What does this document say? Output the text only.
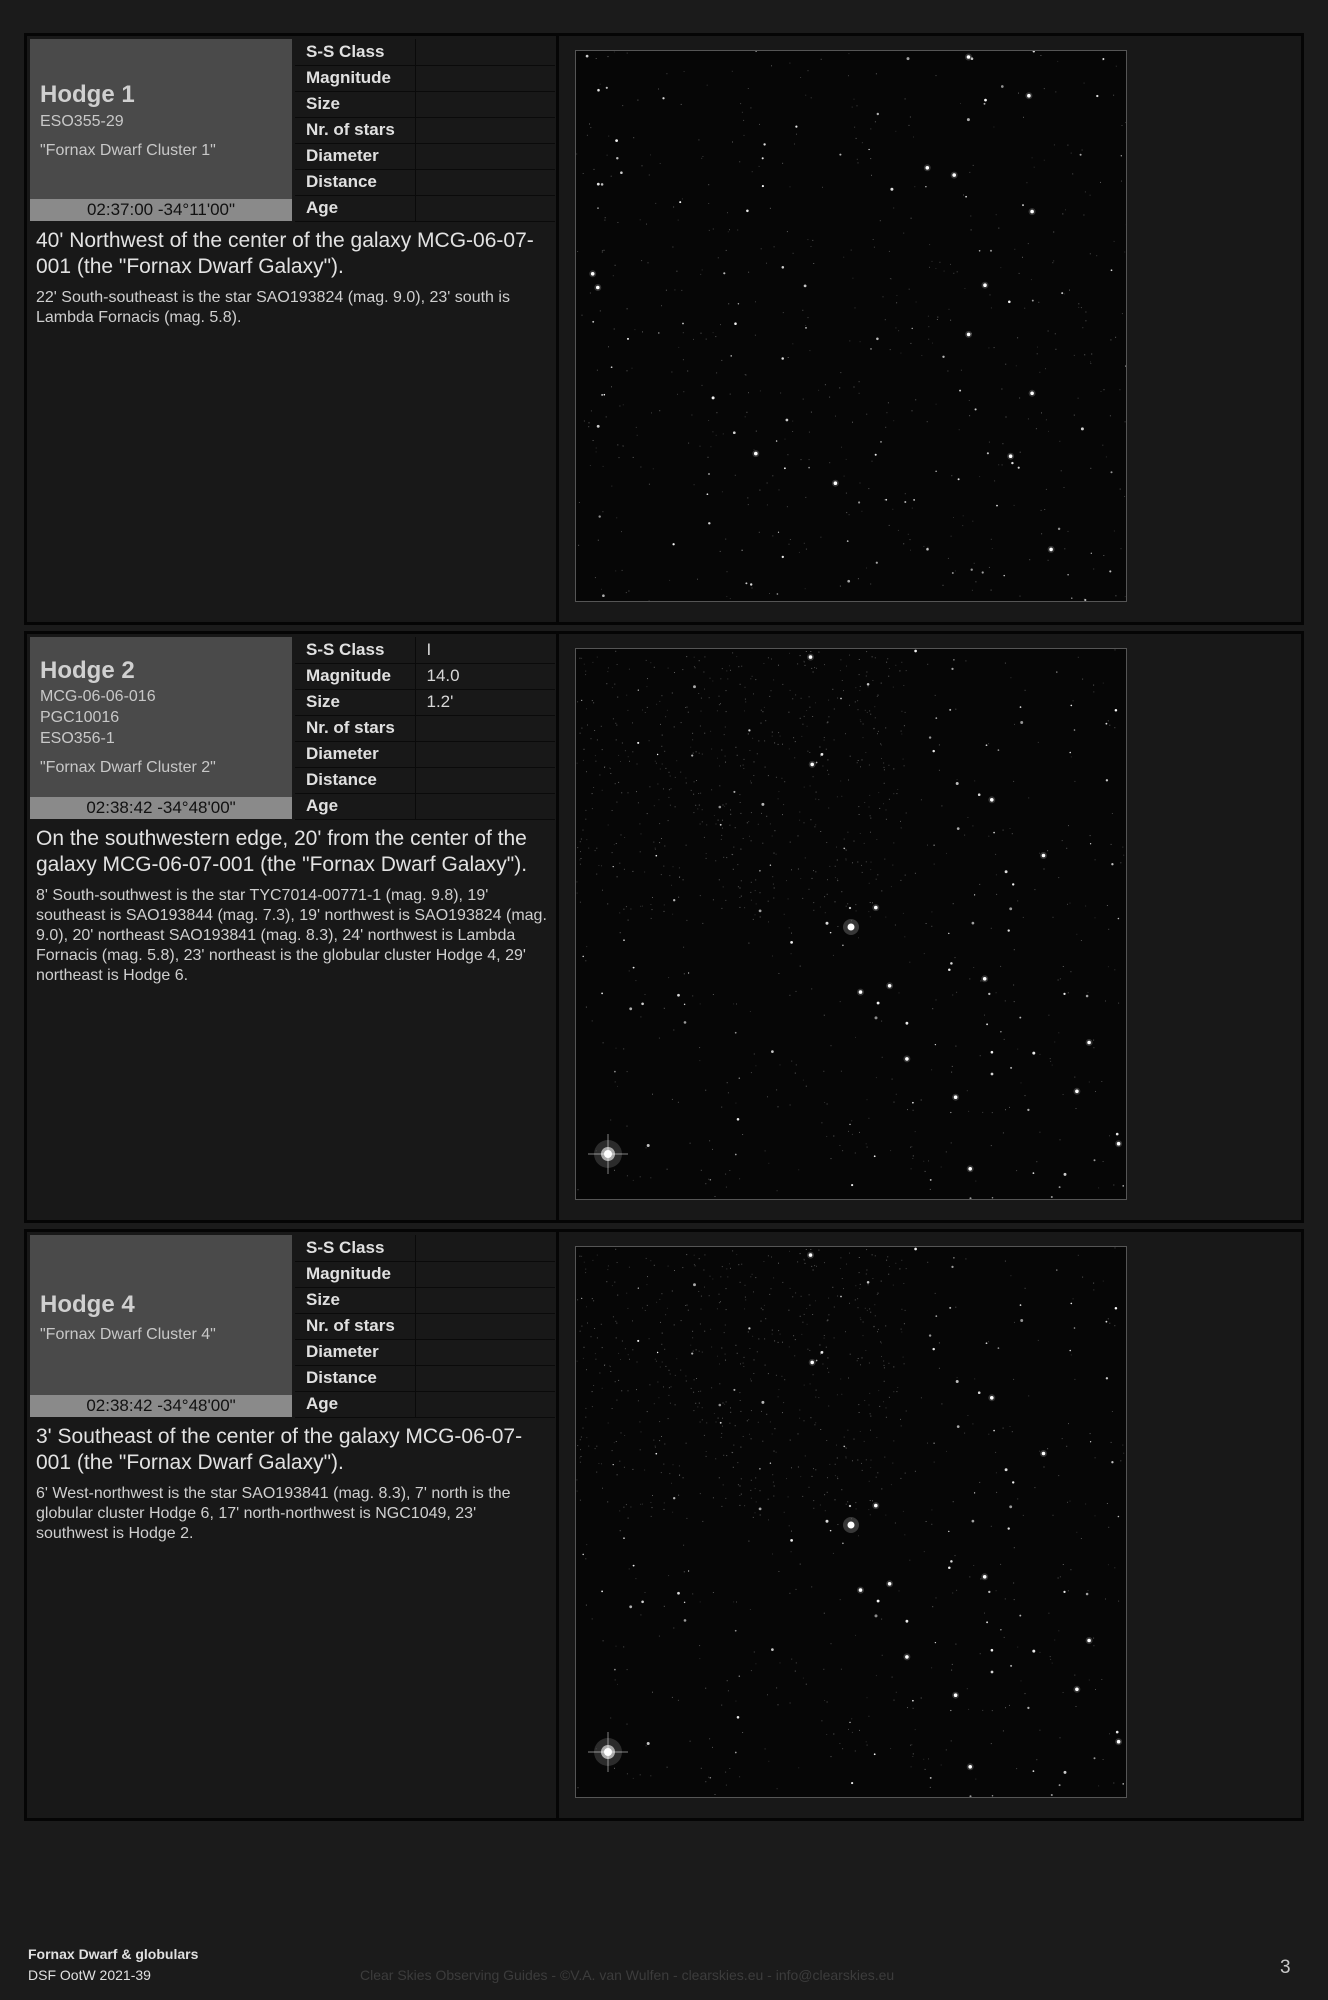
Hodge 1
ESO355-29
"Fornax Dwarf Cluster 1"
02:37:00 -34°11'00"
S-S Class	
Magnitude	
Size	
Nr. of stars	
Diameter	
Distance	
Age	

40' Northwest of the center of the galaxy MCG-06-07-001 (the "Fornax Dwarf Galaxy").

22' South-southeast is the star SAO193824 (mag. 9.0), 23' south is Lambda Fornacis (mag. 5.8).

Hodge 2
MCG-06-06-016
PGC10016
ESO356-1
"Fornax Dwarf Cluster 2"
02:38:42 -34°48'00"
S-S Class	I
Magnitude	14.0
Size	1.2'
Nr. of stars	
Diameter	
Distance	
Age	

On the southwestern edge, 20' from the center of the galaxy MCG-06-07-001 (the "Fornax Dwarf Galaxy").

8' South-southwest is the star TYC7014-00771-1 (mag. 9.8), 19' southeast is SAO193844 (mag. 7.3), 19' northwest is SAO193824 (mag. 9.0), 20' northeast SAO193841 (mag. 8.3), 24' northwest is Lambda Fornacis (mag. 5.8), 23' northeast is the globular cluster Hodge 4, 29' northeast is Hodge 6.

Hodge 4
"Fornax Dwarf Cluster 4"
02:38:42 -34°48'00"
S-S Class	
Magnitude	
Size	
Nr. of stars	
Diameter	
Distance	
Age	

3' Southeast of the center of the galaxy MCG-06-07-001 (the "Fornax Dwarf Galaxy").

6' West-northwest is the star SAO193841 (mag. 8.3), 7' north is the globular cluster Hodge 6, 17' north-northwest is NGC1049, 23' southwest is Hodge 2.

Fornax Dwarf & globulars
DSF OotW 2021-39	Clear Skies Observing Guides - ©V.A. van Wulfen - clearskies.eu - info@clearskies.eu	3
